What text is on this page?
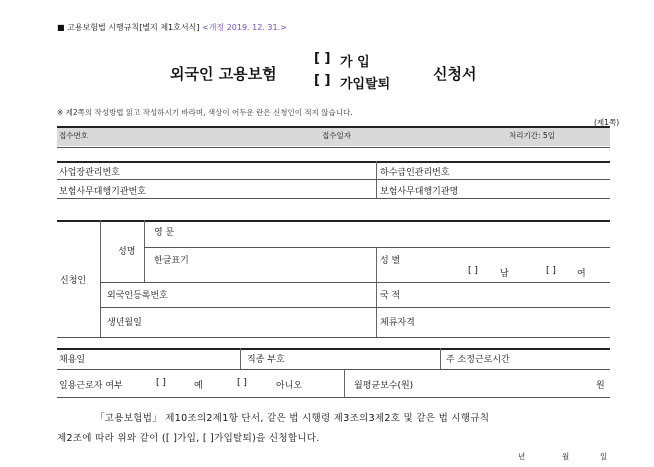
■ 고용보험법 시행규칙[별지 제1호서식] <개정 2019. 12. 31.>
외국인 고용보험
[ ] 가 입
[ ] 가입탈퇴
신청서
※ 제2쪽의 작성방법 읽고 작성하시기 바라며, 색상이 어두운 란은 신청인이 적지 않습니다.
(제1쪽)
접수번호	접수일자	처리기간: 5일
사업장관리번호	하수급인관리번호
보험사무대행기관번호	보험사무대행기관명
신청인
성명
영 문
한글표기	성 별
[ ] 남	[ ] 여
외국인등록번호	국 적
생년월일	체류자격
채용일	직종 부호	주 소정근로시간
일용근로자 여부	[ ]	예	[ ]	아니오	월평균보수(원)	원
「고용보험법」 제10조의2제1항 단서, 같은 법 시행령 제3조의3제2호 및 같은 법 시행규칙
제2조에 따라 위와 같이 ([ ]가입, [ ]가입탈퇴)을 신청합니다.
년	월	일
